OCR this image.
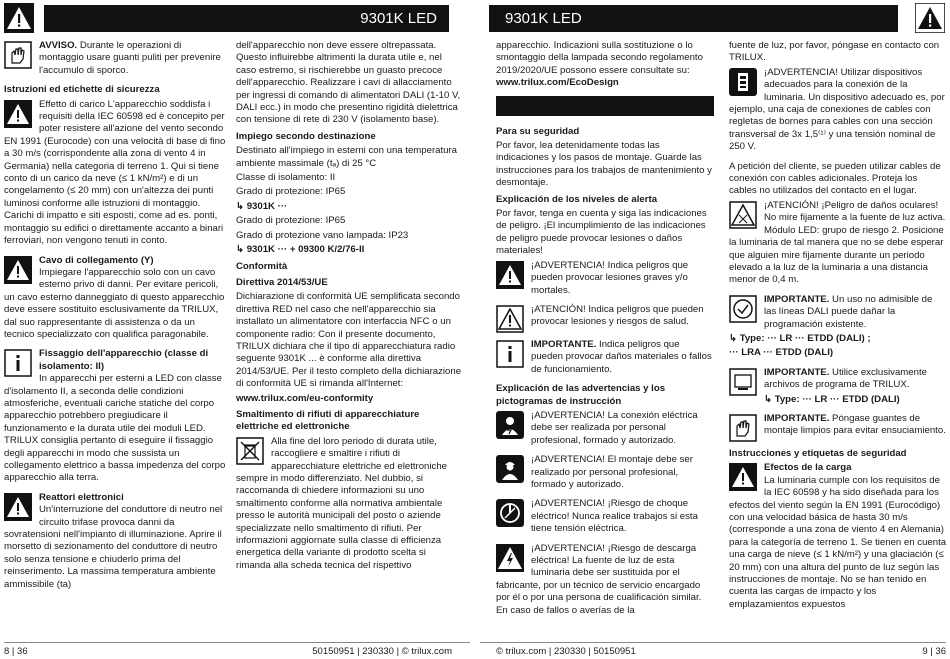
9301K LED

AVVISO. Durante le operazioni di montaggio usare guanti puliti per prevenire l'accumulo di sporco.

Istruzioni ed etichette di sicurezza

Effetto di carico L'apparecchio soddisfa i requisiti della IEC 60598 ed è concepito per poter resistere all'azione del vento secondo EN 1991 (Eurocode) con una velocità di base di fino a 30 m/s (corrispondente alla zona di vento 4 in Germania) nella categoria di terreno 1. Qui si tiene conto di un carico da neve (≤ 1 kN/m²) e di un congelamento (≤ 20 mm) con un'altezza dei punti luminosi conforme alle istruzioni di montaggio. Carichi di impatto e siti esposti, come ad es. ponti, montaggio su edifici o direttamente accanto a binari ferroviari, non vengono tenuti in conto.

Cavo di collegamento (Y)
Impiegare l'apparecchio solo con un cavo esterno privo di danni. Per evitare pericoli, un cavo esterno danneggiato di questo apparecchio deve essere sostituito esclusivamente da TRILUX, dal suo rappresentante di assistenza o da un tecnico specializzato con qualifica paragonabile.

Fissaggio dell'apparecchio (classe di isolamento: II)
In apparecchi per esterni a LED con classe d'isolamento II, a seconda delle condizioni atmosferiche, eventuali cariche statiche del corpo apparecchio potrebbero pregiudicare il funzionamento e la durata utile dei moduli LED. TRILUX consiglia pertanto di eseguire il fissaggio degli apparecchi in modo che sussista un collegamento elettrico a bassa impedenza del corpo apparecchio alla terra.

Reattori elettronici
Un'interruzione del conduttore di neutro nel circuito trifase provoca danni da sovratensioni nell'impianto di illuminazione. Aprire il morsetto di sezionamento del conduttore di neutro solo senza tensione e chiuderlo prima del reinserimento. La massima temperatura ambiente ammissibile (ta)

dell'apparecchio non deve essere oltrepassata. Questo influirebbe altrimenti la durata utile e, nel caso estremo, si rischierebbe un guasto precoce dell'apparecchio. Realizzare i cavi di allacciamento per ingressi di comando di alimentatori DALI (1-10 V, DALI ecc.) in modo che presentino rigidità dielettrica con tensione di rete di 230 V (isolamento base).

Impiego secondo destinazione

Destinato all'impiego in esterni con una temperatura ambiente massimale (tₐ) di 25 °C

Classe di isolamento: II

Grado di protezione: IP65

↳ 9301K ···

Grado di protezione: IP65

Grado di protezione vano lampada: IP23

↳ 9301K ··· + 09300 K/2/76-II

Conformità
Direttiva 2014/53/UE

Dichiarazione di conformità UE semplificata secondo direttiva RED nel caso che nell'apparecchio sia installato un alimentatore con interfaccia NFC o un componente radio: Con il presente documento, TRILUX dichiara che il tipo di apparecchiatura radio seguente 9301K ... è conforme alla direttiva 2014/53/UE. Per il testo completo della dichiarazione di conformità UE si rimanda all'Internet:

www.trilux.com/eu-conformity

Smaltimento di rifiuti di apparecchiature elettriche ed elettroniche

Alla fine del loro periodo di durata utile, raccogliere e smaltire i rifiuti di apparecchiature elettriche ed elettroniche sempre in modo differenziato. Nel dubbio, si raccomanda di chiedere informazioni su uno smaltimento conforme alla normativa ambientale presso le autorità municipali del posto o aziende specializzate nello smaltimento di rifiuti. Per informazioni aggiornate sulla classe di efficienza energetica della variante di prodotto scelta si rimanda alla scheda tecnica del rispettivo

8 | 36	50150951 | 230330 | © trilux.com
9301K LED

apparecchio. Indicazioni sulla sostituzione o lo smontaggio della lampada secondo regolamento 2019/2020/UE possono essere consultate su: www.trilux.com/EcoDesign

Para su seguridad

Por favor, lea detenidamente todas las indicaciones y los pasos de montaje. Guarde las instrucciones para los trabajos de mantenimiento y desmontaje.

Explicación de los niveles de alerta

Por favor, tenga en cuenta y siga las indicaciones de peligro. ¡El incumplimiento de las indicaciones de peligro puede provocar lesiones o daños materiales!

¡ADVERTENCIA! Indica peligros que pueden provocar lesiones graves y/o mortales.

¡ATENCIÓN! Indica peligros que pueden provocar lesiones y riesgos de salud.

IMPORTANTE. Indica peligros que pueden provocar daños materiales o fallos de funcionamiento.

Explicación de las advertencias y los pictogramas de instrucción

¡ADVERTENCIA! La conexión eléctrica debe ser realizada por personal profesional, formado y autorizado.

¡ADVERTENCIA! El montaje debe ser realizado por personal profesional, formado y autorizado.

¡ADVERTENCIA! ¡Riesgo de choque eléctrico! Nunca realice trabajos si esta tiene tensión eléctrica.

¡ADVERTENCIA! ¡Riesgo de descarga eléctrica! La fuente de luz de esta luminaria debe ser sustituida por el fabricante, por un técnico de servicio encargado por él o por una persona de cualificación similar. En caso de fallos o averías de la

fuente de luz, por favor, póngase en contacto con TRILUX.

¡ADVERTENCIA! Utilizar dispositivos adecuados para la conexión de la luminaria. Un dispositivo adecuado es, por ejemplo, una caja de conexiones de cables con regletas de bornes para cables con una sección transversal de 3x 1,5⁽¹⁾ y una tensión nominal de 250 V.

A petición del cliente, se pueden utilizar cables de conexión con cables adicionales. Proteja los cables no utilizados del contacto en el lugar.

¡ATENCIÓN! ¡Peligro de daños oculares! No mire fijamente a la fuente de luz activa. Módulo LED: grupo de riesgo 2. Posicione la luminaria de tal manera que no se debe esperar que alguien mire fijamente durante un periodo elevado a la luz de la luminaria a una distancia menor de 0,4 m.

IMPORTANTE. Un uso no admisible de las líneas DALI puede dañar la programación existente.

↳ Type: ··· LR ··· ETDD (DALI) ;

··· LRA ··· ETDD (DALI)

IMPORTANTE. Utilice exclusivamente archivos de programa de TRILUX.

↳ Type: ··· LR ··· ETDD (DALI)

IMPORTANTE. Póngase guantes de montaje limpios para evitar ensuciamiento.

Instrucciones y etiquetas de seguridad

Efectos de la carga
La luminaria cumple con los requisitos de la IEC 60598 y ha sido diseñada para los efectos del viento según la EN 1991 (Eurocódigo) con una velocidad básica de hasta 30 m/s (corresponde a una zona de viento 4 en Alemania) para la categoría de terreno 1. Se tienen en cuenta una carga de nieve (≤ 1 kN/m²) y una glaciación (≤ 20 mm) con una altura del punto de luz según las instrucciones de montaje. No se han tenido en cuenta las cargas de impacto y los emplazamientos expuestos

© trilux.com | 230330 | 50150951	9 | 36
